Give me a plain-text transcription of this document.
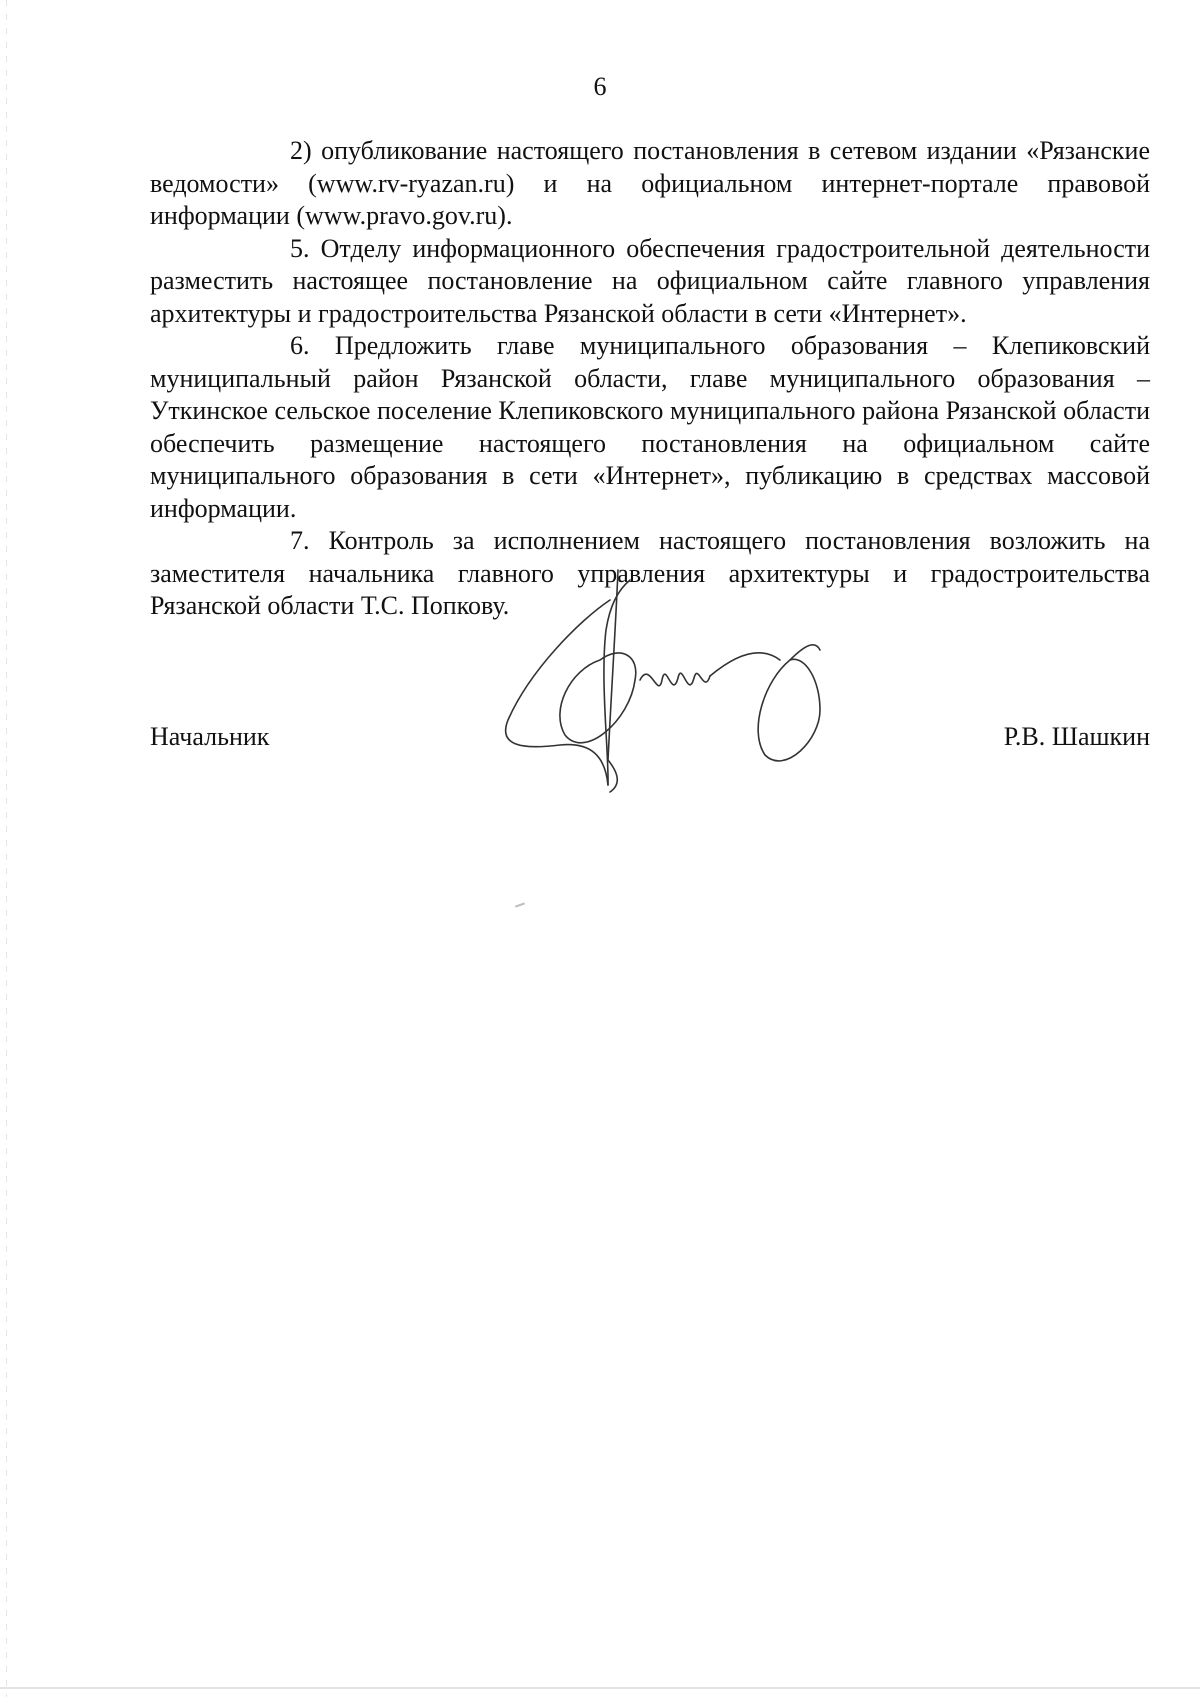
6

2) опубликование настоящего постановления в сетевом издании «Рязанские ведомости» (www.rv-ryazan.ru) и на официальном интернет-портале правовой информации (www.pravo.gov.ru).

5. Отделу информационного обеспечения градостроительной деятельности разместить настоящее постановление на официальном сайте главного управления архитектуры и градостроительства Рязанской области в сети «Интернет».

6. Предложить главе муниципального образования – Клепиковский муниципальный район Рязанской области, главе муниципального образования – Уткинское сельское поселение Клепиковского муниципального района Рязанской области обеспечить размещение настоящего постановления на официальном сайте муниципального образования в сети «Интернет», публикацию в средствах массовой информации.

7. Контроль за исполнением настоящего постановления возложить на заместителя начальника главного управления архитектуры и градостроительства Рязанской области Т.С. Попкову.

Начальник	Р.В. Шашкин
